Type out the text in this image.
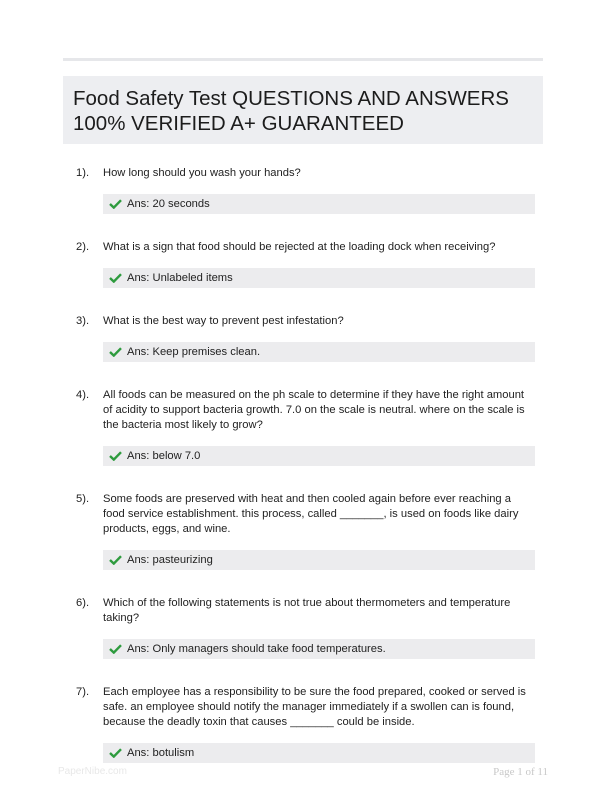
Food Safety Test QUESTIONS AND ANSWERS
100% VERIFIED A+ GUARANTEED
1). How long should you wash your hands?
Ans: 20 seconds
2). What is a sign that food should be rejected at the loading dock when receiving?
Ans: Unlabeled items
3). What is the best way to prevent pest infestation?
Ans: Keep premises clean.
4). All foods can be measured on the ph scale to determine if they have the right amount of acidity to support bacteria growth. 7.0 on the scale is neutral. where on the scale is the bacteria most likely to grow?
Ans: below 7.0
5). Some foods are preserved with heat and then cooled again before ever reaching a food service establishment. this process, called _______, is used on foods like dairy products, eggs, and wine.
Ans: pasteurizing
6). Which of the following statements is not true about thermometers and temperature taking?
Ans: Only managers should take food temperatures.
7). Each employee has a responsibility to be sure the food prepared, cooked or served is safe. an employee should notify the manager immediately if a swollen can is found, because the deadly toxin that causes _______ could be inside.
Ans: botulism
PaperNibe.com	Page 1 of 11
